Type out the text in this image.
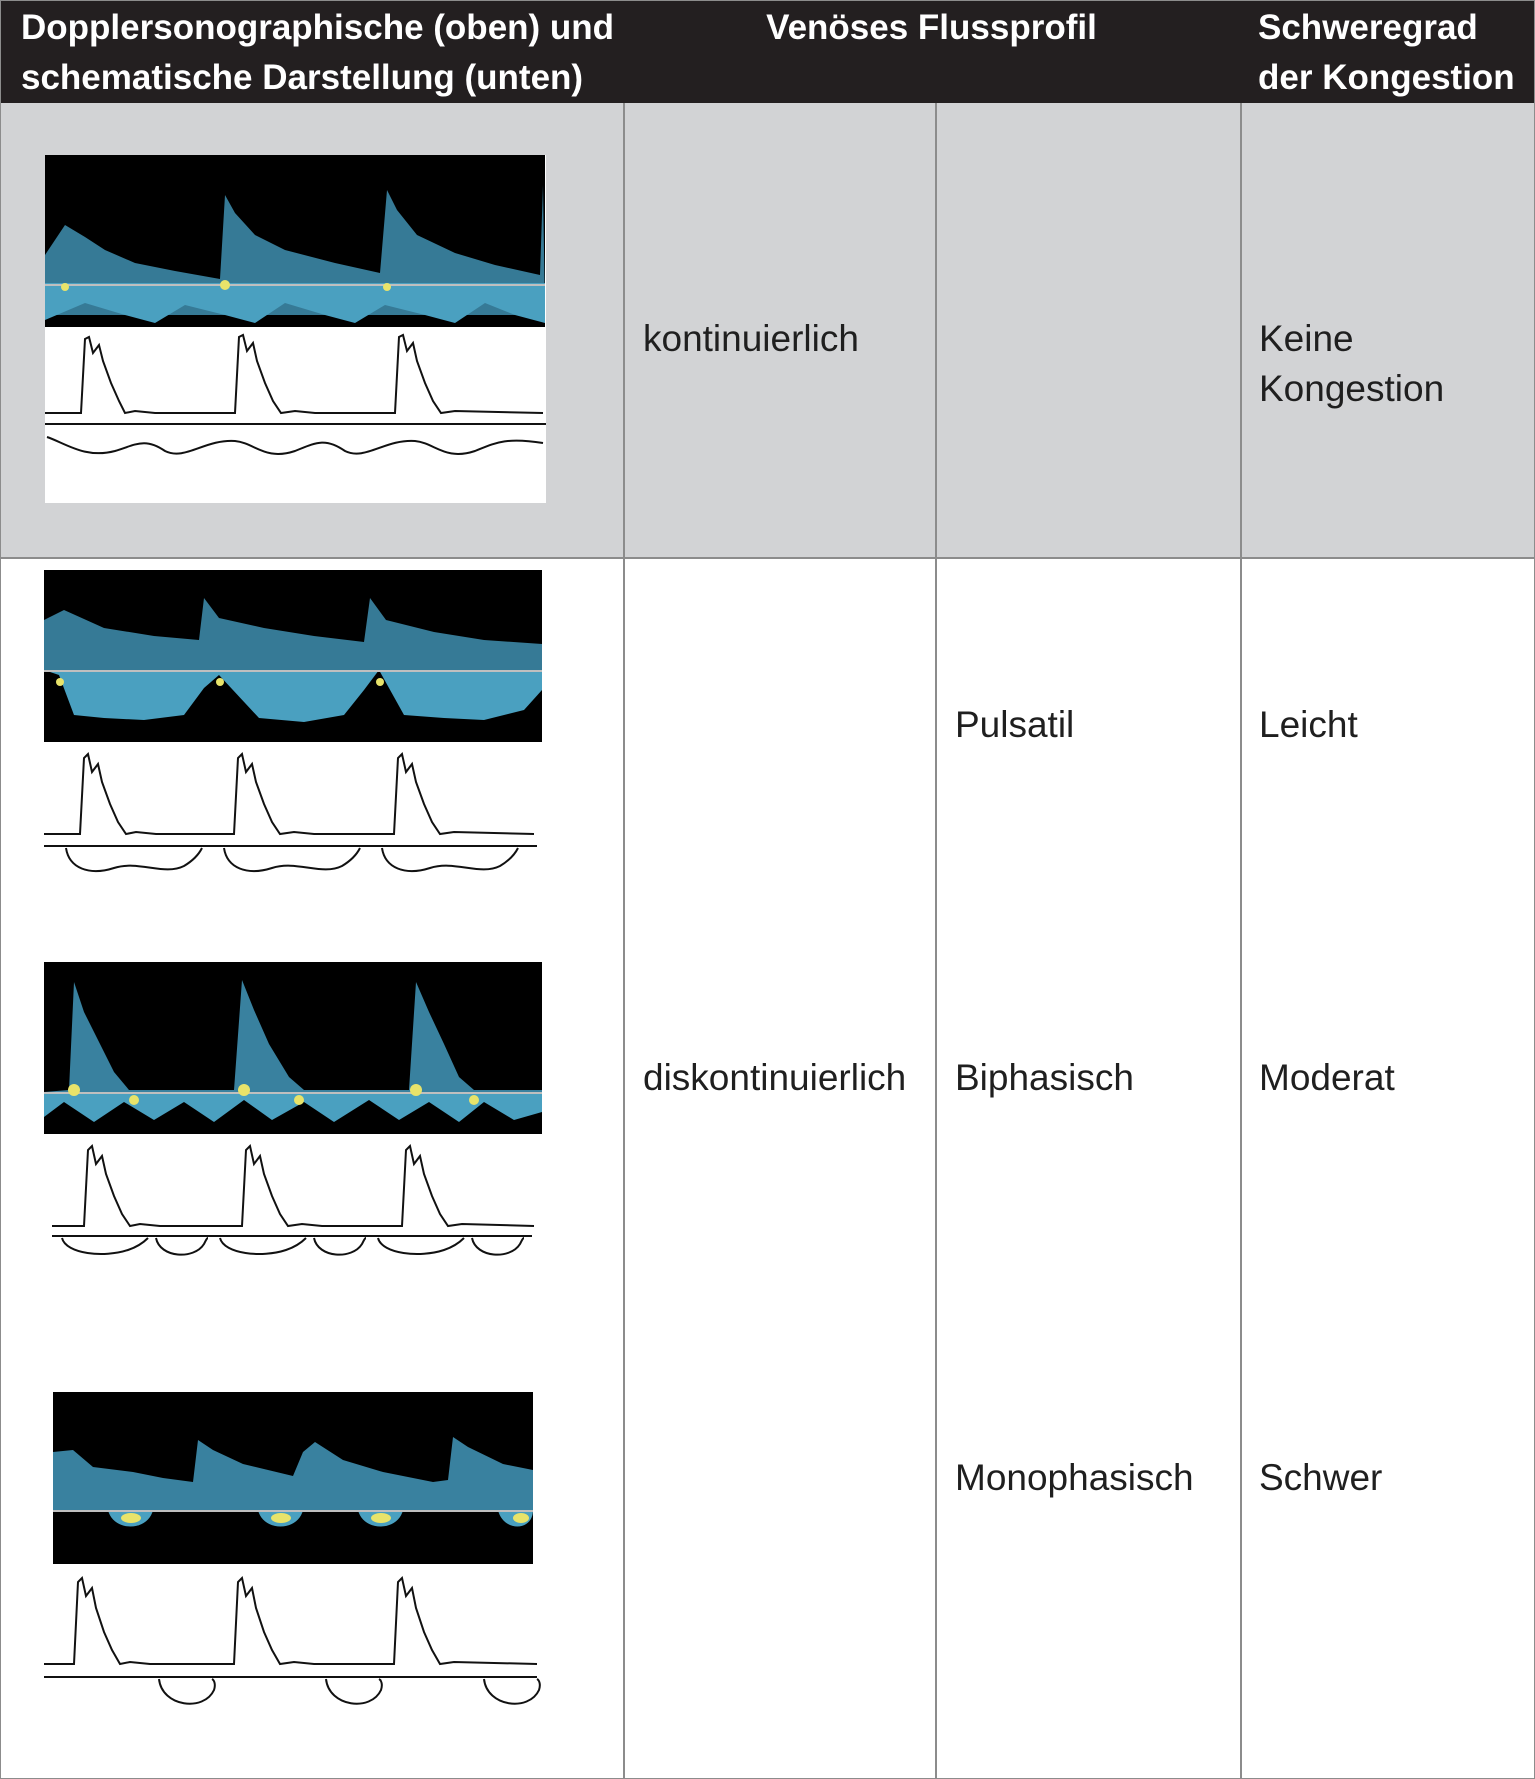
Dopplersonographische (oben) und schematische Darstellung (unten)
Venöses Flussprofil	Schweregrad der Kongestion
kontinuierlich	Keine Kongestion
diskontinuierlich
Pulsatil	Leicht
Biphasisch	Moderat
Monophasisch Schwer
